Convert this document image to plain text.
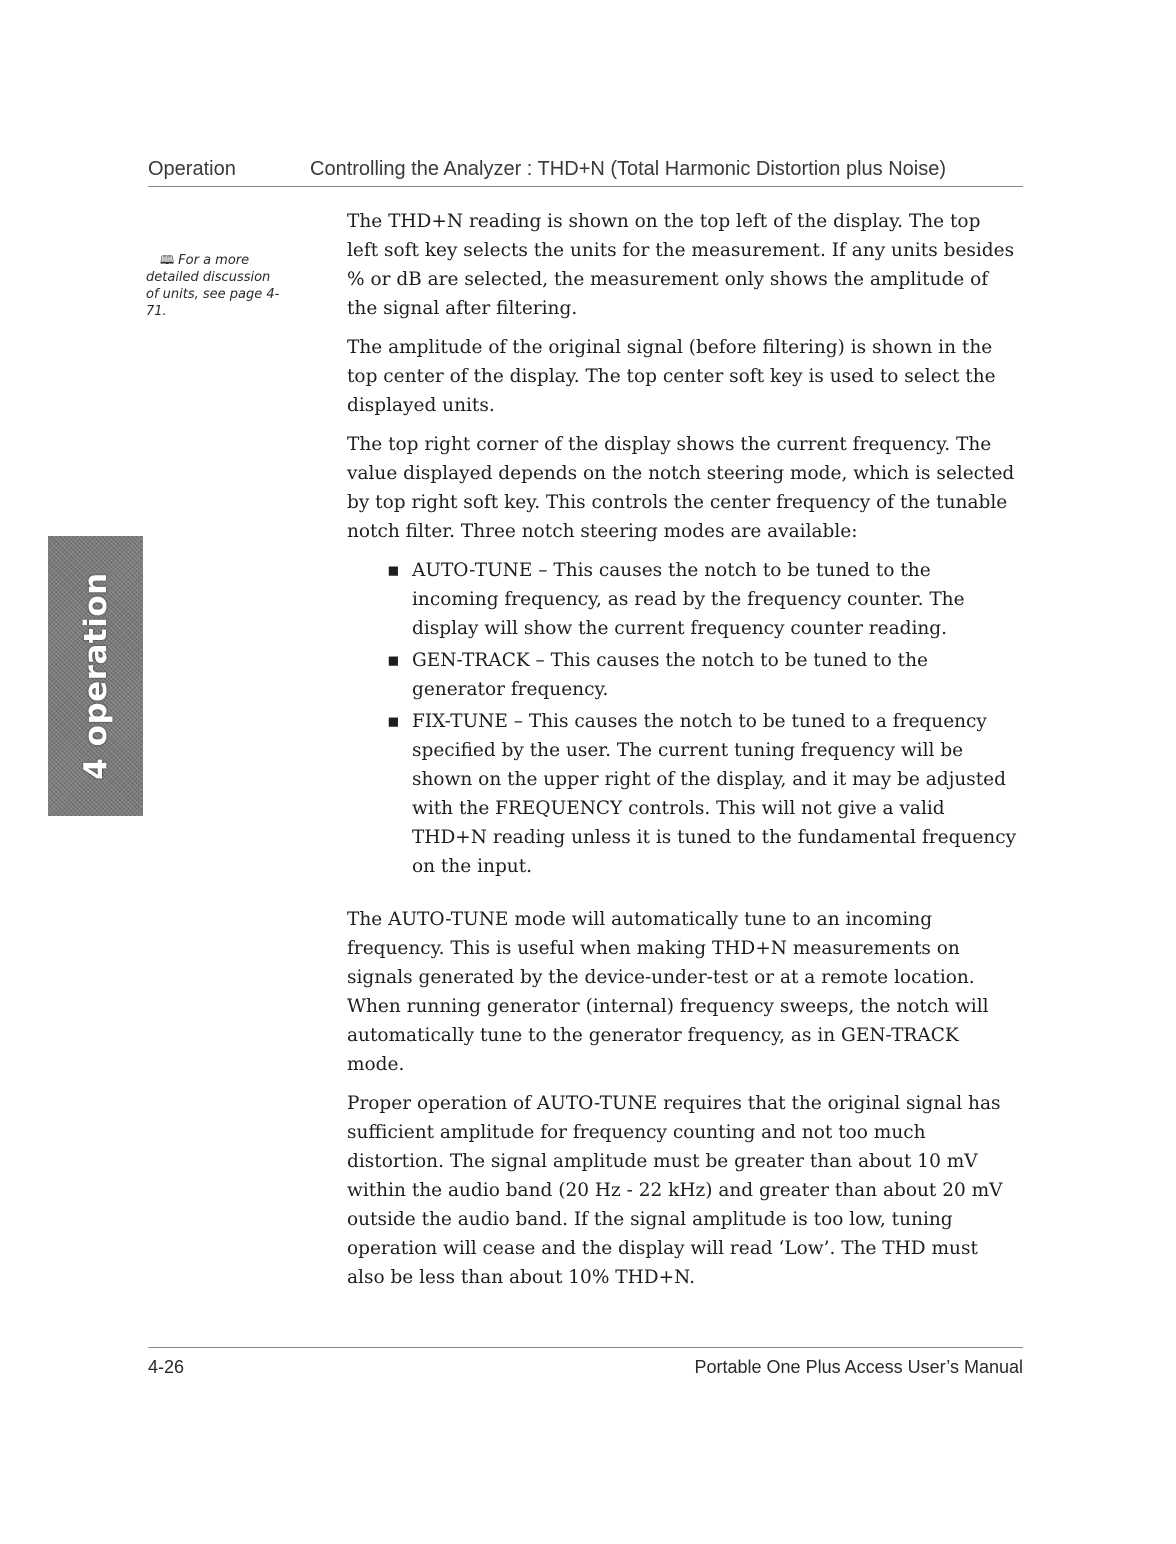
Operation	Controlling the Analyzer : THD+N (Total Harmonic Distortion plus Noise)
🕮 For a more detailed discussion of units, see page 4-71.
4 operation

The THD+N reading is shown on the top left of the display. The top left soft key selects the units for the measurement. If any units besides % or dB are selected, the measurement only shows the amplitude of the signal after filtering.

The amplitude of the original signal (before filtering) is shown in the top center of the display. The top center soft key is used to select the displayed units.

The top right corner of the display shows the current frequency. The value displayed depends on the notch steering mode, which is selected by top right soft key. This controls the center frequency of the tunable notch filter. Three notch steering modes are available:

▪ AUTO-TUNE – This causes the notch to be tuned to the incoming frequency, as read by the frequency counter. The display will show the current frequency counter reading.
▪ GEN-TRACK – This causes the notch to be tuned to the generator frequency.
▪ FIX-TUNE – This causes the notch to be tuned to a frequency specified by the user. The current tuning frequency will be shown on the upper right of the display, and it may be adjusted with the FREQUENCY controls. This will not give a valid THD+N reading unless it is tuned to the fundamental frequency on the input.

The AUTO-TUNE mode will automatically tune to an incoming frequency. This is useful when making THD+N measurements on signals generated by the device-under-test or at a remote location. When running generator (internal) frequency sweeps, the notch will automatically tune to the generator frequency, as in GEN-TRACK mode.

Proper operation of AUTO-TUNE requires that the original signal has sufficient amplitude for frequency counting and not too much distortion. The signal amplitude must be greater than about 10 mV within the audio band (20 Hz - 22 kHz) and greater than about 20 mV outside the audio band. If the signal amplitude is too low, tuning operation will cease and the display will read ‘Low’. The THD must also be less than about 10% THD+N.

4-26	Portable One Plus Access User’s Manual
